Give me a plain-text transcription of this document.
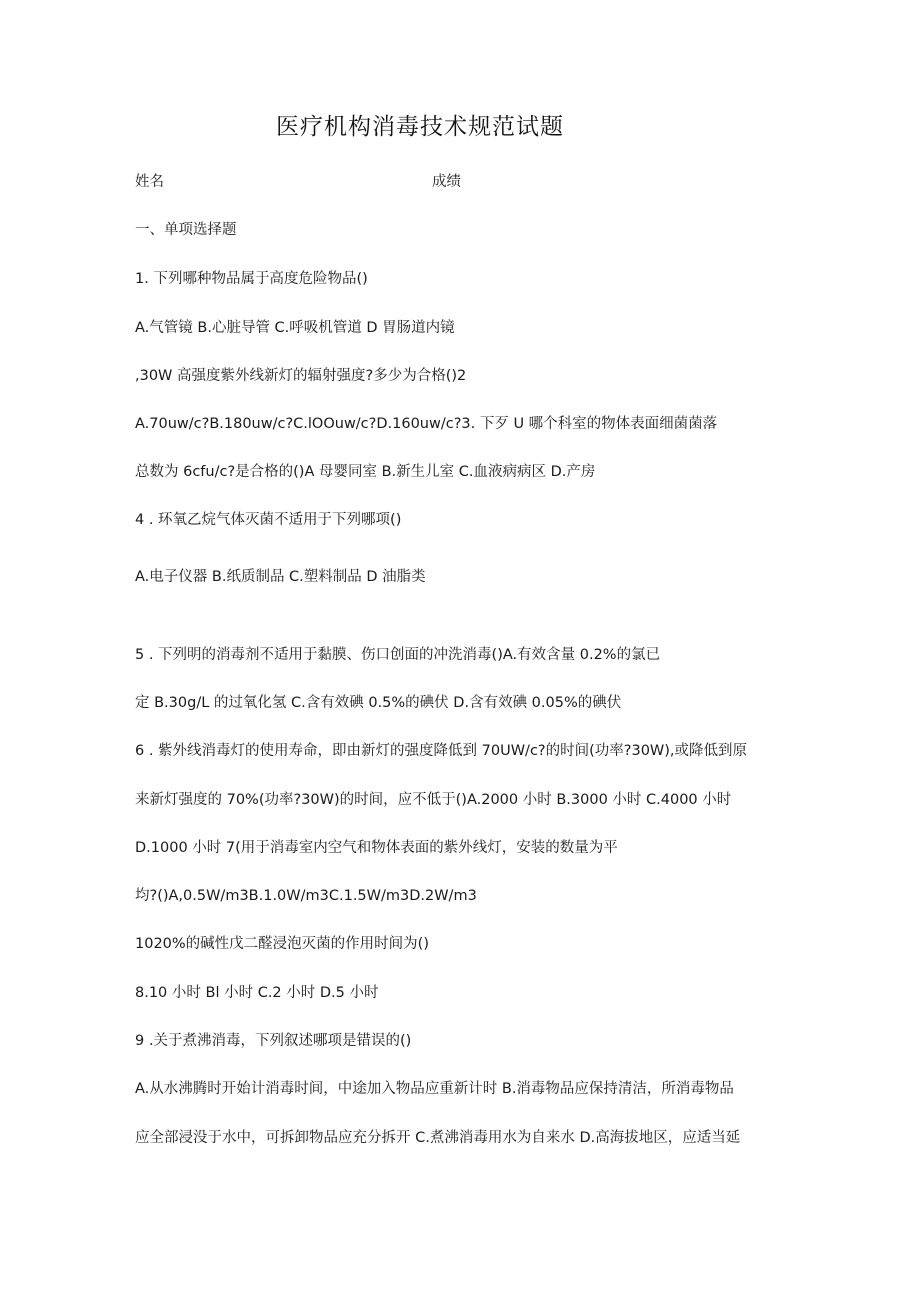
医疗机构消毒技术规范试题
姓名	成绩
一、单项选择题
1. 下列哪种物品属于高度危险物品()
A.气管镜 B.心脏导管 C.呼吸机管道 D 胃肠道内镜
,30W 高强度紫外线新灯的辐射强度?多少为合格()2
A.70uw∕c?B.180uw∕c?C.lOOuw/c?D.160uw∕c?3. 下歹 U 哪个科室的物体表面细菌菌落
总数为 6cfu∕c?是合格的()A 母婴同室 B.新生儿室 C.血液病病区 D.产房
4 . 环氧乙烷气体灭菌不适用于下列哪项()
A.电子仪器 B.纸质制品 C.塑料制品 D 油脂类
5 . 下列明的消毒剂不适用于黏膜、伤口创面的冲洗消毒()A.有效含量 0.2%的氯已
定 B.30g∕L 的过氧化氢 C.含有效碘 0.5%的碘伏 D.含有效碘 0.05%的碘伏
6 . 紫外线消毒灯的使用寿命，即由新灯的强度降低到 70UW/c?的时间(功率?30W),或降低到原
来新灯强度的 70%(功率?30W)的时间，应不低于()A.2000 小时 B.3000 小时 C.4000 小时
D.1000 小时 7(用于消毒室内空气和物体表面的紫外线灯，安装的数量为平
均?()A,0.5W∕m3B.1.0W∕m3C.1.5W∕m3D.2W∕m3
1020%的碱性戊二醛浸泡灭菌的作用时间为()
8.10 小时 Bl 小时 C.2 小时 D.5 小时
9 .关于煮沸消毒，下列叙述哪项是错误的()
A.从水沸腾时开始计消毒时间，中途加入物品应重新计时 B.消毒物品应保持清洁，所消毒物品
应全部浸没于水中，可拆卸物品应充分拆开 C.煮沸消毒用水为自来水 D.高海拔地区，应适当延
